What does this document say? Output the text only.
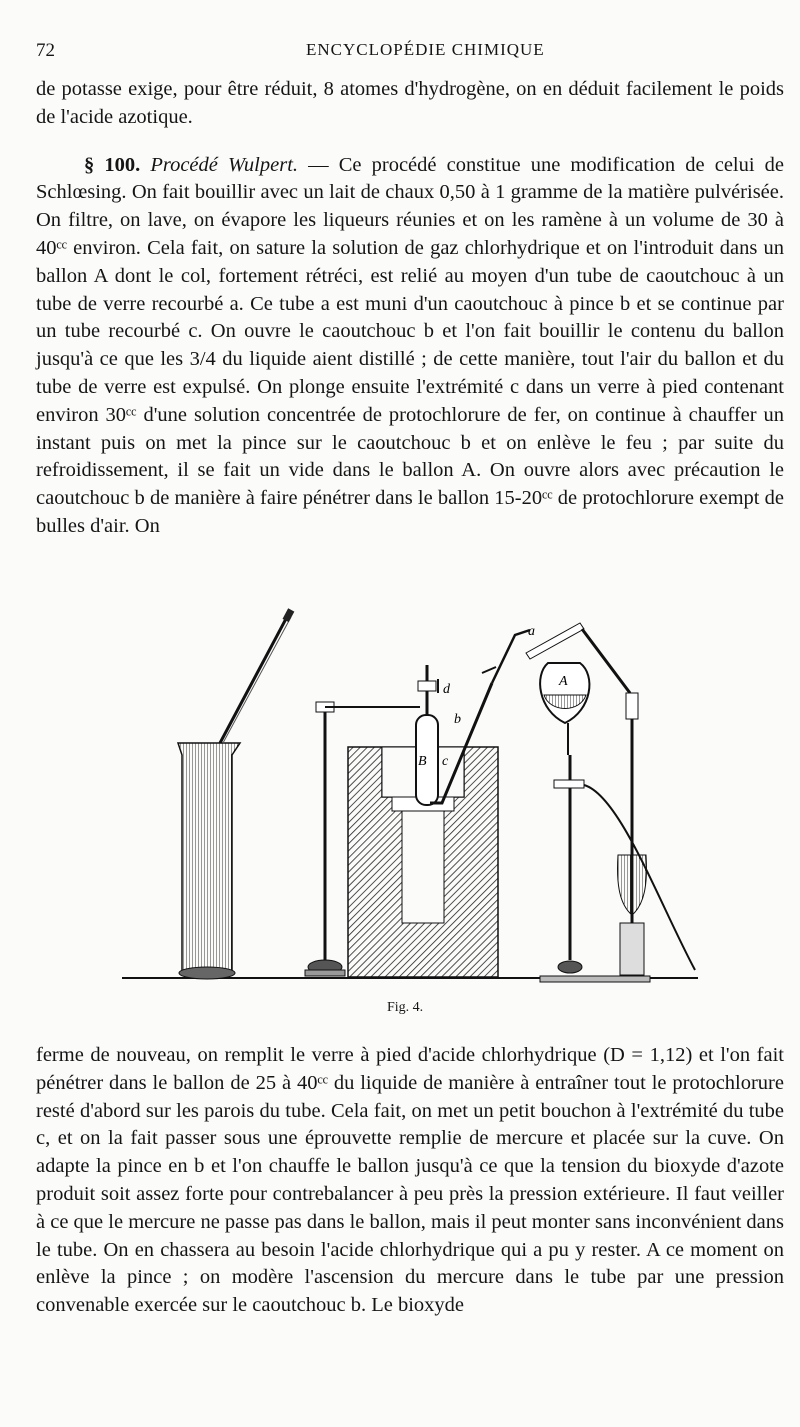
72	ENCYCLOPÉDIE CHIMIQUE

de potasse exige, pour être réduit, 8 atomes d'hydrogène, on en déduit facilement le poids de l'acide azotique.

§ 100. Procédé Wulpert. — Ce procédé constitue une modification de celui de Schlœsing. On fait bouillir avec un lait de chaux 0,50 à 1 gramme de la matière pulvérisée. On filtre, on lave, on évapore les liqueurs réunies et on les ramène à un volume de 30 à 40ᶜᶜ environ. Cela fait, on sature la solution de gaz chlorhydrique et on l'introduit dans un ballon A dont le col, fortement rétréci, est relié au moyen d'un tube de caoutchouc à un tube de verre recourbé a. Ce tube a est muni d'un caoutchouc à pince b et se continue par un tube recourbé c. On ouvre le caoutchouc b et l'on fait bouillir le contenu du ballon jusqu'à ce que les 3/4 du liquide aient distillé ; de cette manière, tout l'air du ballon et du tube de verre est expulsé. On plonge ensuite l'extrémité c dans un verre à pied contenant environ 30ᶜᶜ d'une solution concentrée de protochlorure de fer, on continue à chauffer un instant puis on met la pince sur le caoutchouc b et on enlève le feu ; par suite du refroidissement, il se fait un vide dans le ballon A. On ouvre alors avec précaution le caoutchouc b de manière à faire pénétrer dans le ballon 15-20ᶜᶜ de protochlorure exempt de bulles d'air. On

B
d
b
c
a
A
Fig. 4.

ferme de nouveau, on remplit le verre à pied d'acide chlorhydrique (D = 1,12) et l'on fait pénétrer dans le ballon de 25 à 40ᶜᶜ du liquide de manière à entraîner tout le protochlorure resté d'abord sur les parois du tube. Cela fait, on met un petit bouchon à l'extrémité du tube c, et on la fait passer sous une éprouvette remplie de mercure et placée sur la cuve. On adapte la pince en b et l'on chauffe le ballon jusqu'à ce que la tension du bioxyde d'azote produit soit assez forte pour contrebalancer à peu près la pression extérieure. Il faut veiller à ce que le mercure ne passe pas dans le ballon, mais il peut monter sans inconvénient dans le tube. On en chassera au besoin l'acide chlorhydrique qui a pu y rester. A ce moment on enlève la pince ; on modère l'ascension du mercure dans le tube par une pression convenable exercée sur le caoutchouc b. Le bioxyde
